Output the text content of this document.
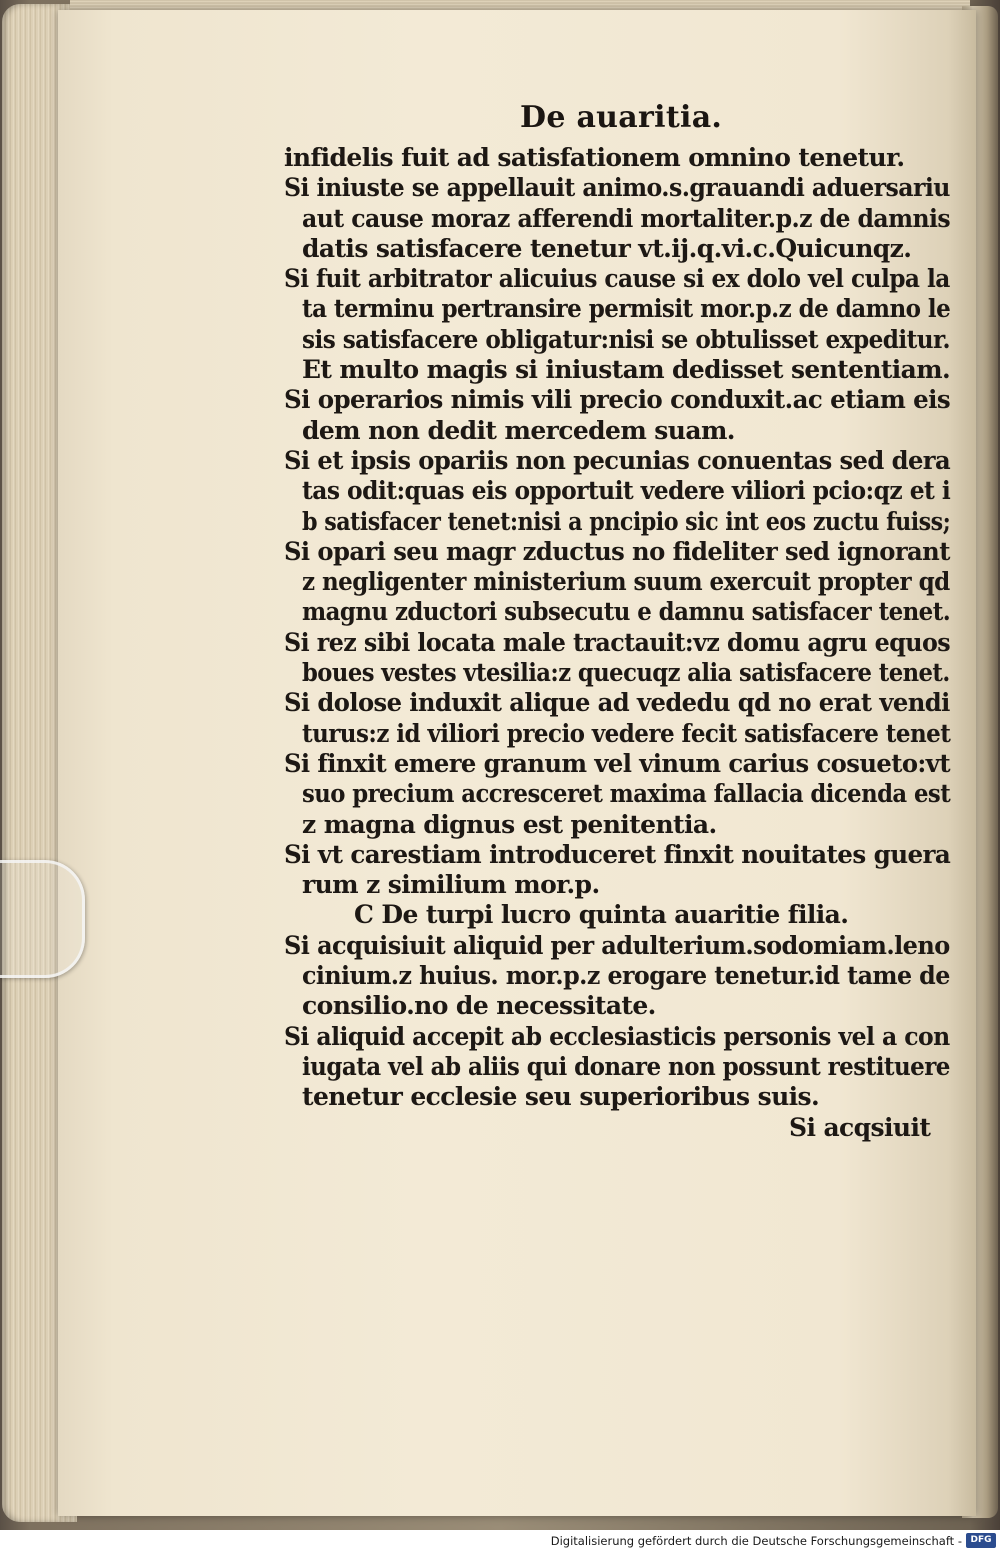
De auaritia.
infidelis fuit ad satisfationem omnino tenetur.
Si iniuste se appellauit animo.s.grauandi aduersariu
aut cause moraz afferendi mortaliter.p.z de damnis
datis satisfacere tenetur vt.ij.q.vi.c.Quicunqz.
Si fuit arbitrator alicuius cause si ex dolo vel culpa la
ta terminu pertransire permisit mor.p.z de damno le
sis satisfacere obligatur:nisi se obtulisset expeditur.
Et multo magis si iniustam dedisset sententiam.
Si operarios nimis vili precio conduxit.ac etiam eis
dem non dedit mercedem suam.
Si et ipsis opariis non pecunias conuentas sed dera
tas odit:quas eis opportuit vedere viliori pcio:qz et i
b satisfacer tenet:nisi a pncipio sic int eos zuctu fuiss;
Si opari seu magr zductus no fideliter sed ignorant
z negligenter ministerium suum exercuit propter qd
magnu zductori subsecutu e damnu satisfacer tenet.
Si rez sibi locata male tractauit:vz domu agru equos
boues vestes vtesilia:z quecuqz alia satisfacere tenet.
Si dolose induxit alique ad vededu qd no erat vendi
turus:z id viliori precio vedere fecit satisfacere tenet
Si finxit emere granum vel vinum carius cosueto:vt
suo precium accresceret maxima fallacia dicenda est
z magna dignus est penitentia.
Si vt carestiam introduceret finxit nouitates guera
rum z similium mor.p.
C De turpi lucro quinta auaritie filia.
Si acquisiuit aliquid per adulterium.sodomiam.leno
cinium.z huius. mor.p.z erogare tenetur.id tame de
consilio.no de necessitate.
Si aliquid accepit ab ecclesiasticis personis vel a con
iugata vel ab aliis qui donare non possunt restituere
tenetur ecclesie seu superioribus suis.
Si acqsiuit
Digitalisierung gefördert durch die Deutsche Forschungsgemeinschaft - DFG
